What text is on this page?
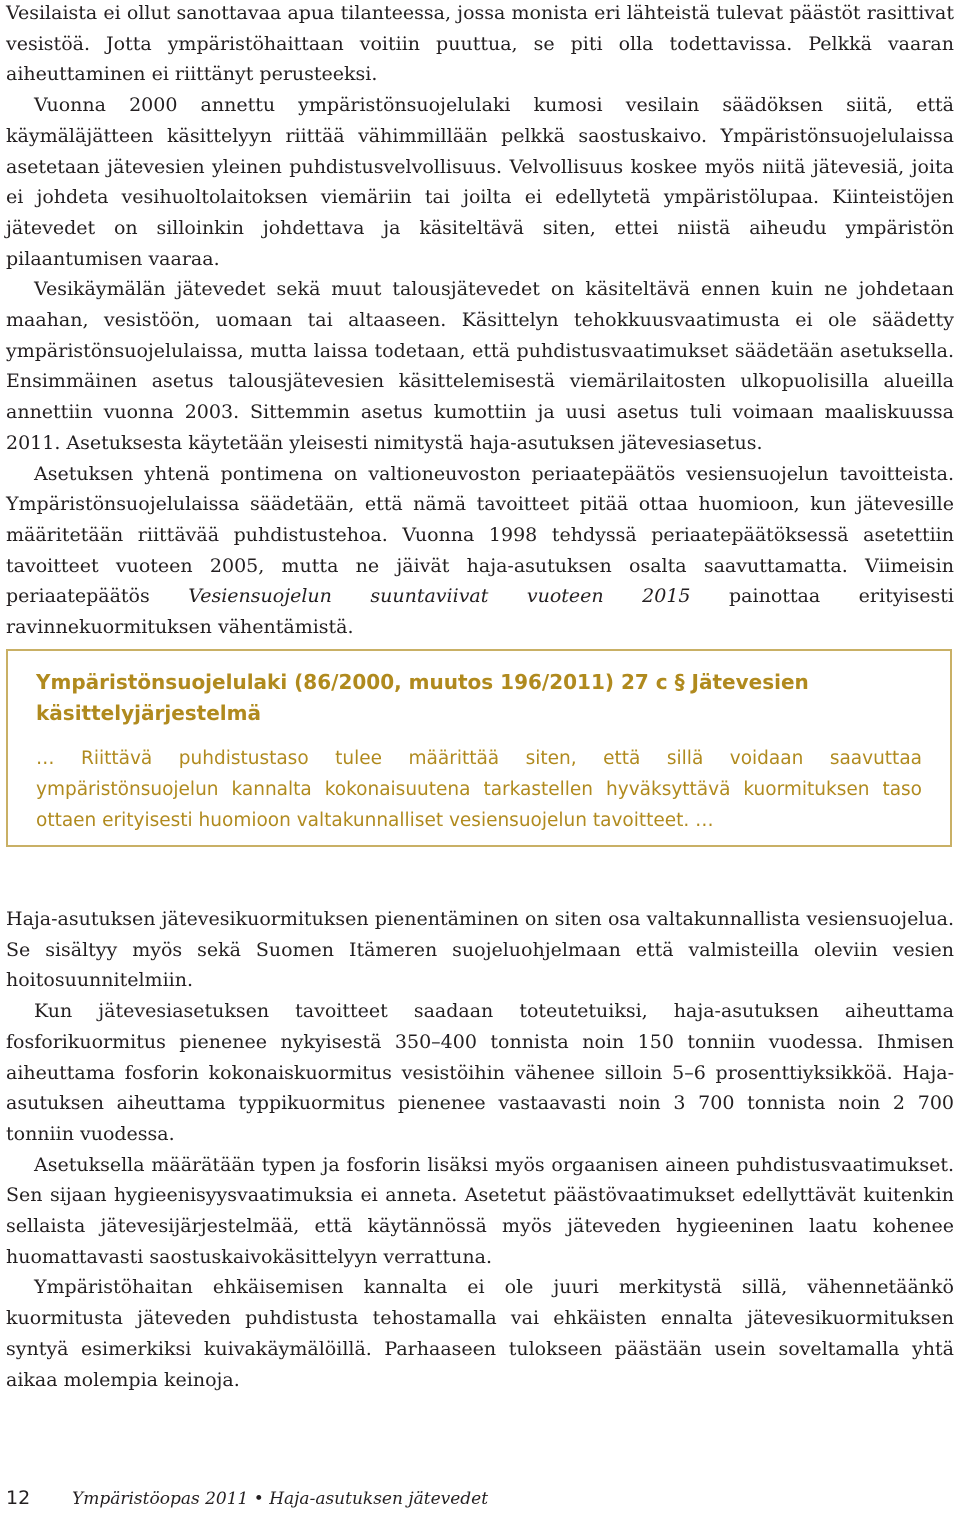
Vesilaista ei ollut sanottavaa apua tilanteessa, jossa monista eri lähteistä tulevat päästöt rasittivat vesistöä. Jotta ympäristöhaittaan voitiin puuttua, se piti olla todettavissa. Pelkkä vaaran aiheuttaminen ei riittänyt perusteeksi.

Vuonna 2000 annettu ympäristönsuojelulaki kumosi vesilain säädöksen siitä, että käymäläjätteen käsittelyyn riittää vähimmillään pelkkä saostuskaivo. Ympäristönsuojelulaissa asetetaan jätevesien yleinen puhdistusvelvollisuus. Velvollisuus koskee myös niitä jätevesiä, joita ei johdeta vesihuoltolaitoksen viemäriin tai joilta ei edellytetä ympäristölupaa. Kiinteistöjen jätevedet on silloinkin johdettava ja käsiteltävä siten, ettei niistä aiheudu ympäristön pilaantumisen vaaraa.

Vesikäymälän jätevedet sekä muut talousjätevedet on käsiteltävä ennen kuin ne johdetaan maahan, vesistöön, uomaan tai altaaseen. Käsittelyn tehokkuusvaatimusta ei ole säädetty ympäristönsuojelulaissa, mutta laissa todetaan, että puhdistusvaatimukset säädetään asetuksella. Ensimmäinen asetus talousjätevesien käsittelemisestä viemärilaitosten ulkopuolisilla alueilla annettiin vuonna 2003. Sittemmin asetus kumottiin ja uusi asetus tuli voimaan maaliskuussa 2011. Asetuksesta käytetään yleisesti nimitystä haja-asutuksen jätevesiasetus.

Asetuksen yhtenä pontimena on valtioneuvoston periaatepäätös vesiensuojelun tavoitteista. Ympäristönsuojelulaissa säädetään, että nämä tavoitteet pitää ottaa huomioon, kun jätevesille määritetään riittävää puhdistustehoa. Vuonna 1998 tehdyssä periaatepäätöksessä asetettiin tavoitteet vuoteen 2005, mutta ne jäivät haja-asutuksen osalta saavuttamatta. Viimeisin periaatepäätös Vesiensuojelun suuntaviivat vuoteen 2015 painottaa erityisesti ravinnekuormituksen vähentämistä.

Ympäristönsuojelulaki (86/2000, muutos 196/2011) 27 c § Jätevesien käsittelyjärjestelmä

… Riittävä puhdistustaso tulee määrittää siten, että sillä voidaan saavuttaa ympäristönsuojelun kannalta kokonaisuutena tarkastellen hyväksyttävä kuormituksen taso ottaen erityisesti huomioon valtakunnalliset vesiensuojelun tavoitteet. …

Haja-asutuksen jätevesikuormituksen pienentäminen on siten osa valtakunnallista vesiensuojelua. Se sisältyy myös sekä Suomen Itämeren suojeluohjelmaan että valmisteilla oleviin vesien hoitosuunnitelmiin.

Kun jätevesiasetuksen tavoitteet saadaan toteutetuiksi, haja-asutuksen aiheuttama fosforikuormitus pienenee nykyisestä 350–400 tonnista noin 150 tonniin vuodessa. Ihmisen aiheuttama fosforin kokonaiskuormitus vesistöihin vähenee silloin 5–6 prosenttiyksikköä. Haja-asutuksen aiheuttama typpikuormitus pienenee vastaavasti noin 3 700 tonnista noin 2 700 tonniin vuodessa.

Asetuksella määrätään typen ja fosforin lisäksi myös orgaanisen aineen puhdistusvaatimukset. Sen sijaan hygieenisyysvaatimuksia ei anneta. Asetetut päästövaatimukset edellyttävät kuitenkin sellaista jätevesijärjestelmää, että käytännössä myös jäteveden hygieeninen laatu kohenee huomattavasti saostuskaivokäsittelyyn verrattuna.

Ympäristöhaitan ehkäisemisen kannalta ei ole juuri merkitystä sillä, vähennetäänkö kuormitusta jäteveden puhdistusta tehostamalla vai ehkäisten ennalta jätevesikuormituksen syntyä esimerkiksi kuivakäymälöillä. Parhaaseen tulokseen päästään usein soveltamalla yhtä aikaa molempia keinoja.

12 Ympäristöopas 2011 • Haja-asutuksen jätevedet
